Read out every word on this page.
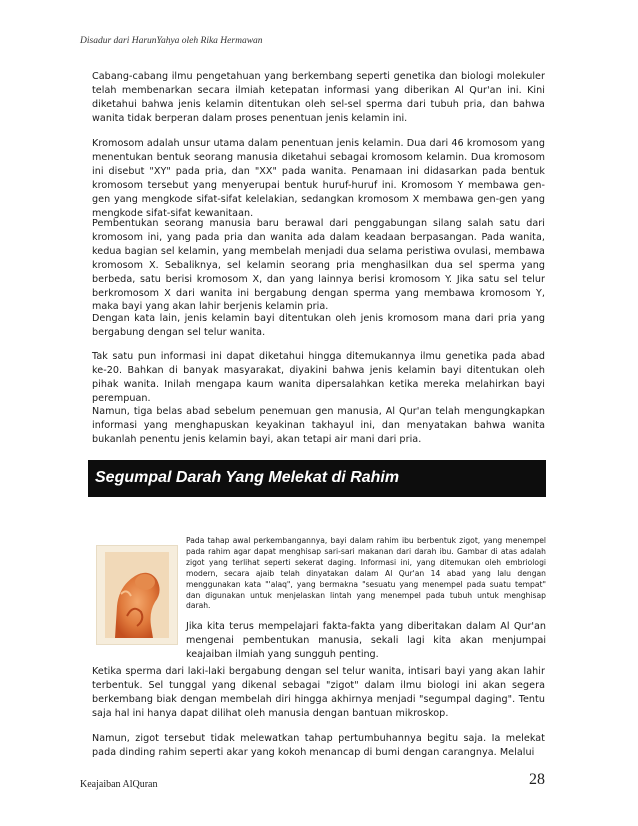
Disadur dari HarunYahya oleh Rika Hermawan

Cabang-cabang ilmu pengetahuan yang berkembang seperti genetika dan biologi molekuler telah membenarkan secara ilmiah ketepatan informasi yang diberikan Al Qur'an ini. Kini diketahui bahwa jenis kelamin ditentukan oleh sel-sel sperma dari tubuh pria, dan bahwa wanita tidak berperan dalam proses penentuan jenis kelamin ini.

Kromosom adalah unsur utama dalam penentuan jenis kelamin. Dua dari 46 kromosom yang menentukan bentuk seorang manusia diketahui sebagai kromosom kelamin. Dua kromosom ini disebut "XY" pada pria, dan "XX" pada wanita. Penamaan ini didasarkan pada bentuk kromosom tersebut yang menyerupai bentuk huruf-huruf ini. Kromosom Y membawa gen-gen yang mengkode sifat-sifat kelelakian, sedangkan kromosom X membawa gen-gen yang mengkode sifat-sifat kewanitaan.

Pembentukan seorang manusia baru berawal dari penggabungan silang salah satu dari kromosom ini, yang pada pria dan wanita ada dalam keadaan berpasangan. Pada wanita, kedua bagian sel kelamin, yang membelah menjadi dua selama peristiwa ovulasi, membawa kromosom X. Sebaliknya, sel kelamin seorang pria menghasilkan dua sel sperma yang berbeda, satu berisi kromosom X, dan yang lainnya berisi kromosom Y. Jika satu sel telur berkromosom X dari wanita ini bergabung dengan sperma yang membawa kromosom Y, maka bayi yang akan lahir berjenis kelamin pria.

Dengan kata lain, jenis kelamin bayi ditentukan oleh jenis kromosom mana dari pria yang bergabung dengan sel telur wanita.

Tak satu pun informasi ini dapat diketahui hingga ditemukannya ilmu genetika pada abad ke-20. Bahkan di banyak masyarakat, diyakini bahwa jenis kelamin bayi ditentukan oleh pihak wanita. Inilah mengapa kaum wanita dipersalahkan ketika mereka melahirkan bayi perempuan.

Namun, tiga belas abad sebelum penemuan gen manusia, Al Qur'an telah mengungkapkan informasi yang menghapuskan keyakinan takhayul ini, dan menyatakan bahwa wanita bukanlah penentu jenis kelamin bayi, akan tetapi air mani dari pria.

Segumpal Darah Yang Melekat di Rahim

Pada tahap awal perkembangannya, bayi dalam rahim ibu berbentuk zigot, yang menempel pada rahim agar dapat menghisap sari-sari makanan dari darah ibu. Gambar di atas adalah zigot yang terlihat seperti sekerat daging. Informasi ini, yang ditemukan oleh embriologi modern, secara ajaib telah dinyatakan dalam Al Qur'an 14 abad yang lalu dengan menggunakan kata "'alaq", yang bermakna "sesuatu yang menempel pada suatu tempat" dan digunakan untuk menjelaskan lintah yang menempel pada tubuh untuk menghisap darah.

Jika kita terus mempelajari fakta-fakta yang diberitakan dalam Al Qur'an mengenai pembentukan manusia, sekali lagi kita akan menjumpai keajaiban ilmiah yang sungguh penting.

Ketika sperma dari laki-laki bergabung dengan sel telur wanita, intisari bayi yang akan lahir terbentuk. Sel tunggal yang dikenal sebagai "zigot" dalam ilmu biologi ini akan segera berkembang biak dengan membelah diri hingga akhirnya menjadi "segumpal daging". Tentu saja hal ini hanya dapat dilihat oleh manusia dengan bantuan mikroskop.

Namun, zigot tersebut tidak melewatkan tahap pertumbuhannya begitu saja. Ia melekat pada dinding rahim seperti akar yang kokoh menancap di bumi dengan carangnya. Melalui

Keajaiban AlQuran	28
